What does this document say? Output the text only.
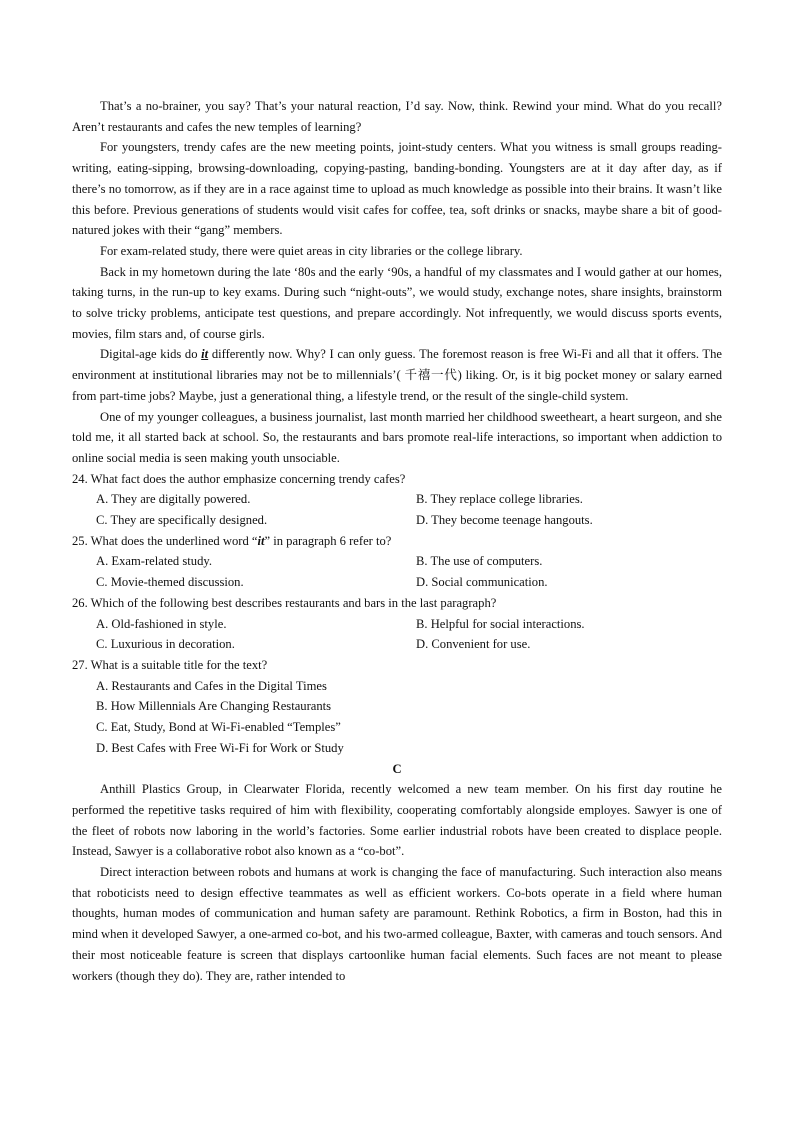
That’s a no-brainer, you say? That’s your natural reaction, I’d say. Now, think. Rewind your mind. What do you recall? Aren’t restaurants and cafes the new temples of learning?

For youngsters, trendy cafes are the new meeting points, joint-study centers. What you witness is small groups reading-writing, eating-sipping, browsing-downloading, copying-pasting, banding-bonding. Youngsters are at it day after day, as if there’s no tomorrow, as if they are in a race against time to upload as much knowledge as possible into their brains. It wasn’t like this before. Previous generations of students would visit cafes for coffee, tea, soft drinks or snacks, maybe share a bit of good-natured jokes with their “gang” members.

For exam-related study, there were quiet areas in city libraries or the college library.

Back in my hometown during the late ‘80s and the early ‘90s, a handful of my classmates and I would gather at our homes, taking turns, in the run-up to key exams. During such “night-outs”, we would study, exchange notes, share insights, brainstorm to solve tricky problems, anticipate test questions, and prepare accordingly. Not infrequently, we would discuss sports events, movies, film stars and, of course girls.

Digital-age kids do it differently now. Why? I can only guess. The foremost reason is free Wi-Fi and all that it offers. The environment at institutional libraries may not be to millennials’( 千禧一代) liking. Or, is it big pocket money or salary earned from part-time jobs? Maybe, just a generational thing, a lifestyle trend, or the result of the single-child system.

One of my younger colleagues, a business journalist, last month married her childhood sweetheart, a heart surgeon, and she told me, it all started back at school. So, the restaurants and bars promote real-life interactions, so important when addiction to online social media is seen making youth unsociable.

24. What fact does the author emphasize concerning trendy cafes?
A. They are digitally powered.	B. They replace college libraries.
C. They are specifically designed.	D. They become teenage hangouts.
25. What does the underlined word “it” in paragraph 6 refer to?
A. Exam-related study.	B. The use of computers.
C. Movie-themed discussion.	D. Social communication.
26. Which of the following best describes restaurants and bars in the last paragraph?
A. Old-fashioned in style.	B. Helpful for social interactions.
C. Luxurious in decoration.	D. Convenient for use.
27. What is a suitable title for the text?
A. Restaurants and Cafes in the Digital Times
B. How Millennials Are Changing Restaurants
C. Eat, Study, Bond at Wi-Fi-enabled “Temples”
D. Best Cafes with Free Wi-Fi for Work or Study
C

Anthill Plastics Group, in Clearwater Florida, recently welcomed a new team member. On his first day routine he performed the repetitive tasks required of him with flexibility, cooperating comfortably alongside employes. Sawyer is one of the fleet of robots now laboring in the world’s factories. Some earlier industrial robots have been created to displace people. Instead, Sawyer is a collaborative robot also known as a “co-bot”.

Direct interaction between robots and humans at work is changing the face of manufacturing. Such interaction also means that roboticists need to design effective teammates as well as efficient workers. Co-bots operate in a field where human thoughts, human modes of communication and human safety are paramount. Rethink Robotics, a firm in Boston, had this in mind when it developed Sawyer, a one-armed co-bot, and his two-armed colleague, Baxter, with cameras and touch sensors. And their most noticeable feature is screen that displays cartoonlike human facial elements. Such faces are not meant to please workers (though they do). They are, rather intended to
